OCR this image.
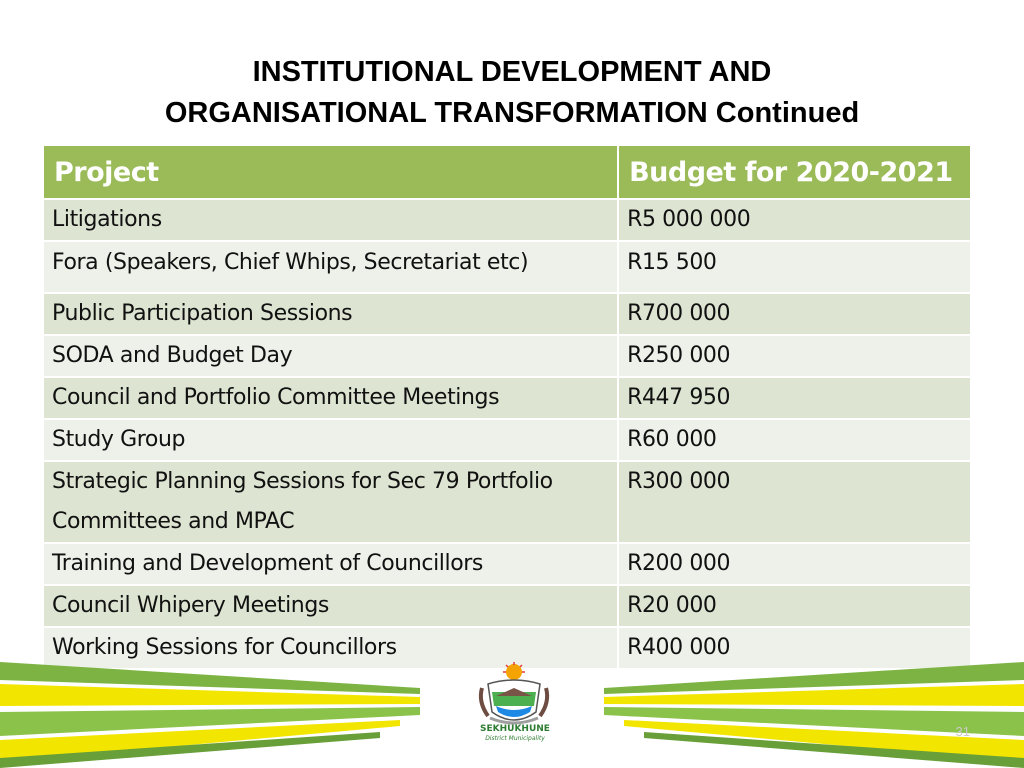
INSTITUTIONAL DEVELOPMENT AND
ORGANISATIONAL TRANSFORMATION Continued
Project	Budget for 2020-2021
Litigations	R5 000 000
Fora (Speakers, Chief Whips, Secretariat etc)	R15 500
Public Participation Sessions	R700 000
SODA and Budget Day	R250 000
Council and Portfolio Committee Meetings	R447 950
Study Group	R60 000
Strategic Planning Sessions for Sec 79 Portfolio Committees and MPAC	R300 000
Training and Development of Councillors	R200 000
Council Whipery Meetings	R20 000
Working Sessions for Councillors	R400 000
SEKHUKHUNE
District Municipality	31
